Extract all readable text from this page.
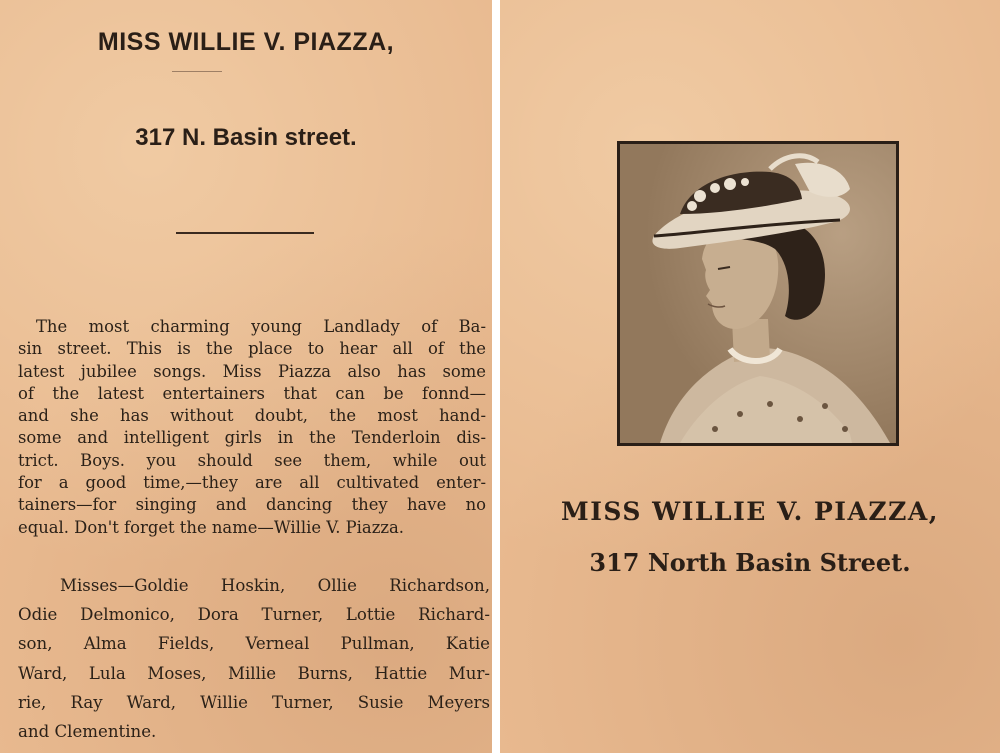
MISS WILLIE V. PIAZZA,
317 N. Basin street.

The most charming young Landlady of Ba-
sin street. This is the place to hear all of the
latest jubilee songs. Miss Piazza also has some
of the latest entertainers that can be fonnd—
and she has without doubt, the most hand-
some and intelligent girls in the Tenderloin dis-
trict. Boys. you should see them, while out
for a good time,—they are all cultivated enter-
tainers—for singing and dancing they have no
equal. Don't forget the name—Willie V. Piazza.

Misses—Goldie Hoskin, Ollie Richardson,
Odie Delmonico, Dora Turner, Lottie Richard-
son, Alma Fields, Verneal Pullman, Katie
Ward, Lula Moses, Millie Burns, Hattie Mur-
rie, Ray Ward, Willie Turner, Susie Meyers
and Clementine.

MISS WILLIE V. PIAZZA,
317 North Basin Street.
